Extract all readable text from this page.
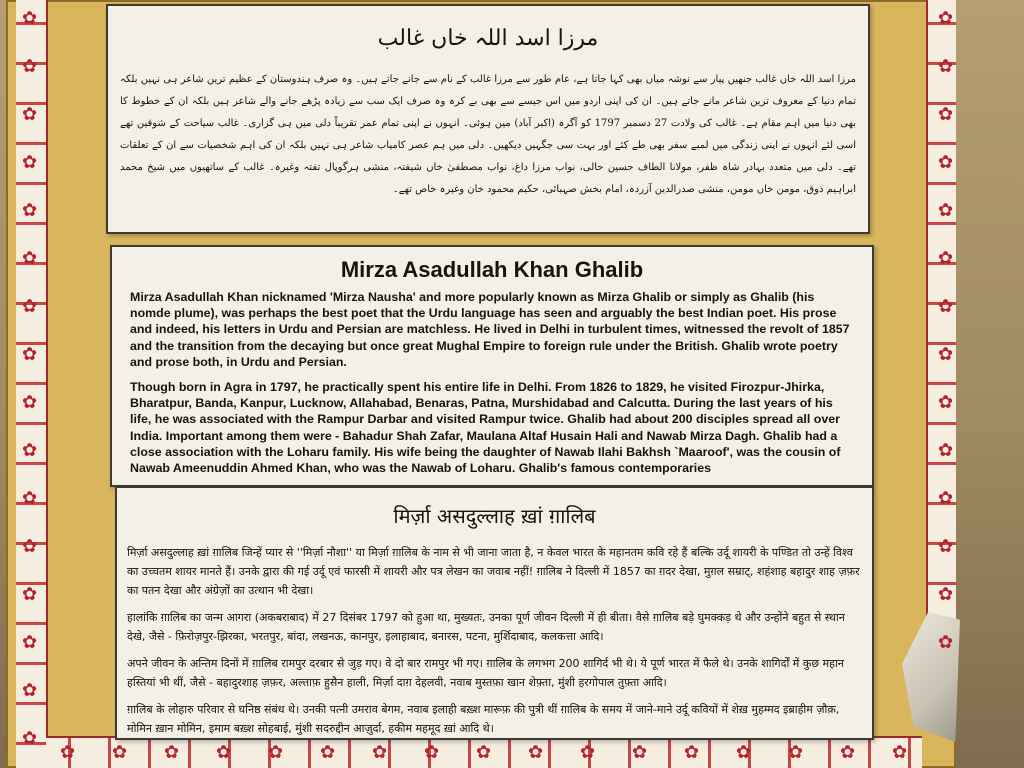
مرزا اسد اللہ خاں غالب
مرزا اسد اللہ خاں غالب جنھیں پیار سے نوشہ میاں بھی کہا جاتا ہے، عام طور سے مرزا غالب کے نام سے جانے جاتے ہیں۔ وہ صرف ہندوستان کے عظیم ترین شاعر ہی نہیں بلکہ تمام دنیا کے معروف ترین شاعر مانے جاتے ہیں۔ ان کی اپنی اردو میں اس جیسے سے بھی بے کرہ وہ صرف ایک سب سے زیادہ پڑھے جانے والے شاعر ہیں بلکہ ان کے خطوط کا بھی دنیا میں اہم مقام ہے۔ غالب کی ولادت 27 دسمبر 1797 کو آگرہ (اکبر آباد) میں ہوئی۔ انہوں نے اپنی تمام عمر تقریباً دلی میں ہی گزاری۔ غالب سیاحت کے شوقین تھے اسی لئے انہوں نے اپنی زندگی میں لمبے سفر بھی طے کئے اور بہت سی جگہیں دیکھیں۔ دلی میں ہم عصر کامیاب شاعر ہی نہیں بلکہ ان کی اہم شخصیات سے ان کے تعلقات تھے۔ دلی میں متعدد بہادر شاہ ظفر، مولانا الطاف حسین حالی، نواب مرزا داغ، نواب مصطفیٰ خاں شیفتہ، منشی ہرگوپال تفتہ وغیرہ۔ غالب کے ساتھیوں میں شیخ محمد ابراہیم ذوق، مومن خاں مومن، منشی صدرالدین آزردہ، امام بخش صہبائی، حکیم محمود خان وغیرہ خاص تھے۔
Mirza Asadullah Khan Ghalib

Mirza Asadullah Khan nicknamed 'Mirza Nausha' and more popularly known as Mirza Ghalib or simply as Ghalib (his nomde plume), was perhaps the best poet that the Urdu language has seen and arguably the best Indian poet. His prose and indeed, his letters in Urdu and Persian are matchless. He lived in Delhi in turbulent times, witnessed the revolt of 1857 and the transition from the decaying but once great Mughal Empire to foreign rule under the British. Ghalib wrote poetry and prose both, in Urdu and Persian.

Though born in Agra in 1797, he practically spent his entire life in Delhi. From 1826 to 1829, he visited Firozpur-Jhirka, Bharatpur, Banda, Kanpur, Lucknow, Allahabad, Benaras, Patna, Murshidabad and Calcutta. During the last years of his life, he was associated with the Rampur Darbar and visited Rampur twice. Ghalib had about 200 disciples spread all over India. Important among them were - Bahadur Shah Zafar, Maulana Altaf Husain Hali and Nawab Mirza Dagh. Ghalib had a close association with the Loharu family. His wife being the daughter of Nawab Ilahi Bakhsh `Maaroof', was the cousin of Nawab Ameenuddin Ahmed Khan, who was the Nawab of Loharu. Ghalib's famous contemporaries

मिर्ज़ा असदुल्लाह ख़ां ग़ालिब

मिर्ज़ा असदुल्लाह ख़ां ग़ालिब जिन्हें प्यार से ''मिर्ज़ा नौशा'' या मिर्ज़ा ग़ालिब के नाम से भी जाना जाता है, न केवल भारत के महानतम कवि रहे हैं बल्कि उर्दू शायरी के पण्डित तो उन्हें विश्व का उच्चतम शायर मानते हैं। उनके द्वारा की गई उर्दू एवं फारसी में शायरी और पत्र लेखन का जवाब नहीं! ग़ालिब ने दिल्ली में 1857 का ग़दर देखा, मुग़ल सम्राट्, शहंशाह बहादुर शाह ज़फ़र का पतन देखा और अंग्रेज़ों का उत्थान भी देखा।

हालांकि ग़ालिब का जन्म आगरा (अकबराबाद) में 27 दिसंबर 1797 को हुआ था, मुख्यतः, उनका पूर्ण जीवन दिल्ली में ही बीता। वैसे ग़ालिब बड़े घुमक्कड़ थे और उन्होंने बहुत से स्थान देखे, जैसे - फ़िरोज़पुर-झिरका, भरतपुर, बांदा, लखनऊ, कानपुर, इलाहाबाद, बनारस, पटना, मुर्शिदाबाद, कलकत्ता आदि।

अपने जीवन के अन्तिम दिनों में ग़ालिब रामपुर दरबार से जुड़ गए। वे दो बार रामपुर भी गए। ग़ालिब के लगभग 200 शागिर्द भी थे। ये पूर्ण भारत में फैले थे। उनके शागिर्दों में कुछ महान हस्तियां भी थीं, जैसे - बहादुरशाह ज़फ़र, अल्ताफ़ हुसैन हाली, मिर्ज़ा दाग़ देहलवी, नवाब मुस्तफ़ा खान शेफ़्ता, मुंशी हरगोपाल तुफ़्ता आदि।

ग़ालिब के लोहारु परिवार से घनिष्ठ संबंध थे। उनकी पत्नी उमराव बेगम, नवाब इलाही बख़्श मारूफ़ की पुत्री थीं ग़ालिब के समय में जाने-माने उर्दू कवियों में शेख़ मुहम्मद इब्राहीम ज़ौक़, मोमिन ख़ान मोमिन, इमाम बख़्श सोहबाई, मुंशी सदरुद्दीन आज़ुर्दा, हकीम महमूद ख़ां आदि थे।

✿
✿
✿
✿
✿
✿
✿
✿
✿
✿
✿
✿
✿
✿
✿
✿
✿
✿
✿
✿
✿
✿
✿
✿
✿
✿
✿
✿
✿
✿
✿ ✿ ✿ ✿ ✿ ✿ ✿ ✿ ✿ ✿ ✿ ✿ ✿ ✿ ✿ ✿ ✿
